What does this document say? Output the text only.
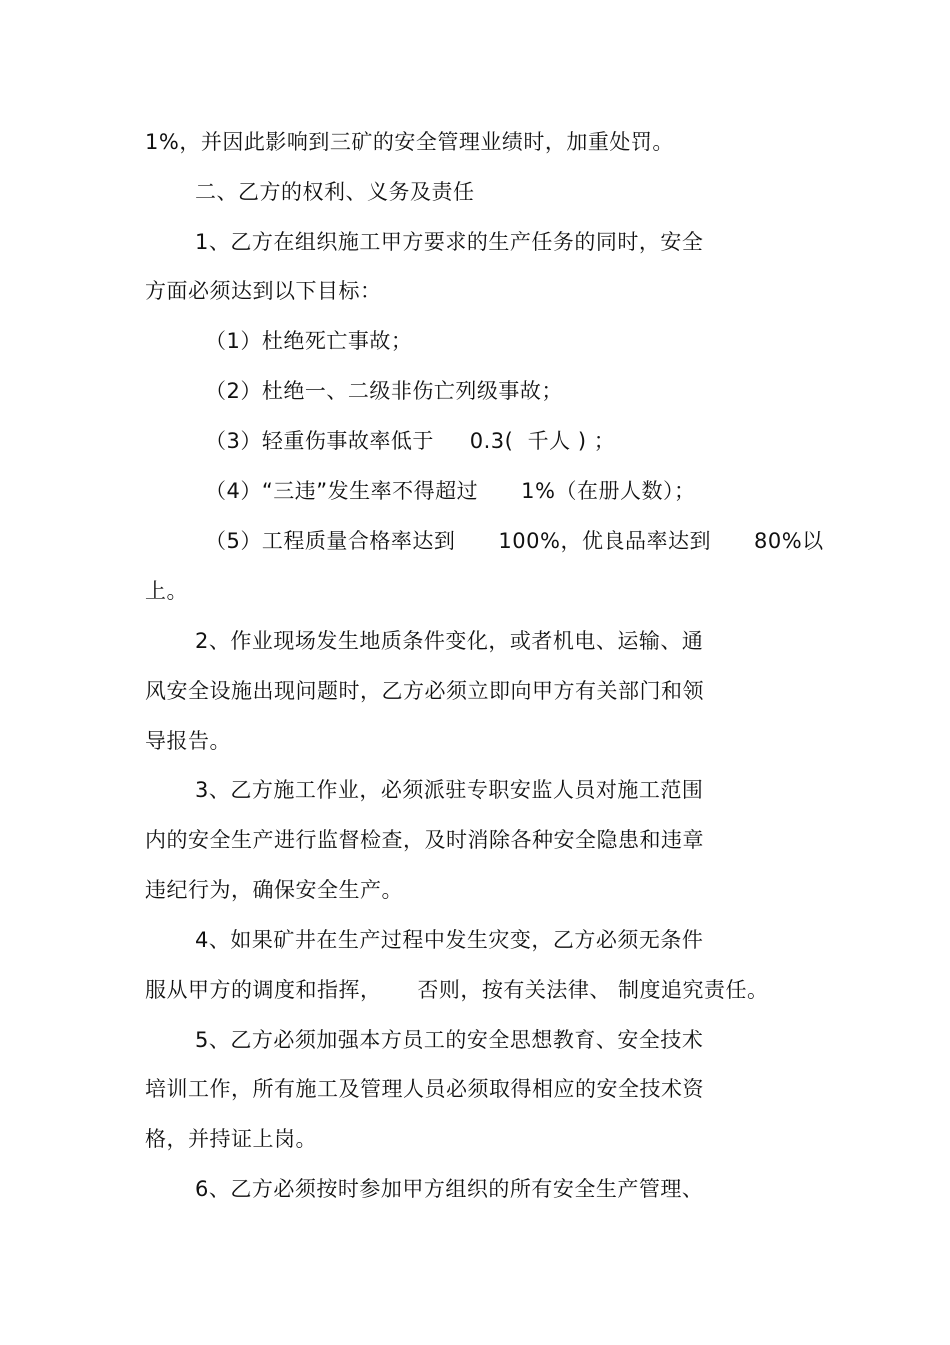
1%，并因此影响到三矿的安全管理业绩时，加重处罚。
二、乙方的权利、义务及责任
1、乙方在组织施工甲方要求的生产任务的同时，安全
方面必须达到以下目标：
（1）杜绝死亡事故；
（2）杜绝一、二级非伤亡列级事故；
（3）轻重伤事故率低于     0.3(  千人 ) ；
（4）“三违”发生率不得超过      1%（在册人数）；
（5）工程质量合格率达到      100%，优良品率达到      80%以
上。
2、作业现场发生地质条件变化，或者机电、运输、通
风安全设施出现问题时，乙方必须立即向甲方有关部门和领
导报告。
3、乙方施工作业，必须派驻专职安监人员对施工范围
内的安全生产进行监督检查，及时消除各种安全隐患和违章
违纪行为，确保安全生产。
4、如果矿井在生产过程中发生灾变，乙方必须无条件
服从甲方的调度和指挥，     否则，按有关法律、 制度追究责任。
5、乙方必须加强本方员工的安全思想教育、安全技术
培训工作，所有施工及管理人员必须取得相应的安全技术资
格，并持证上岗。
6、乙方必须按时参加甲方组织的所有安全生产管理、
